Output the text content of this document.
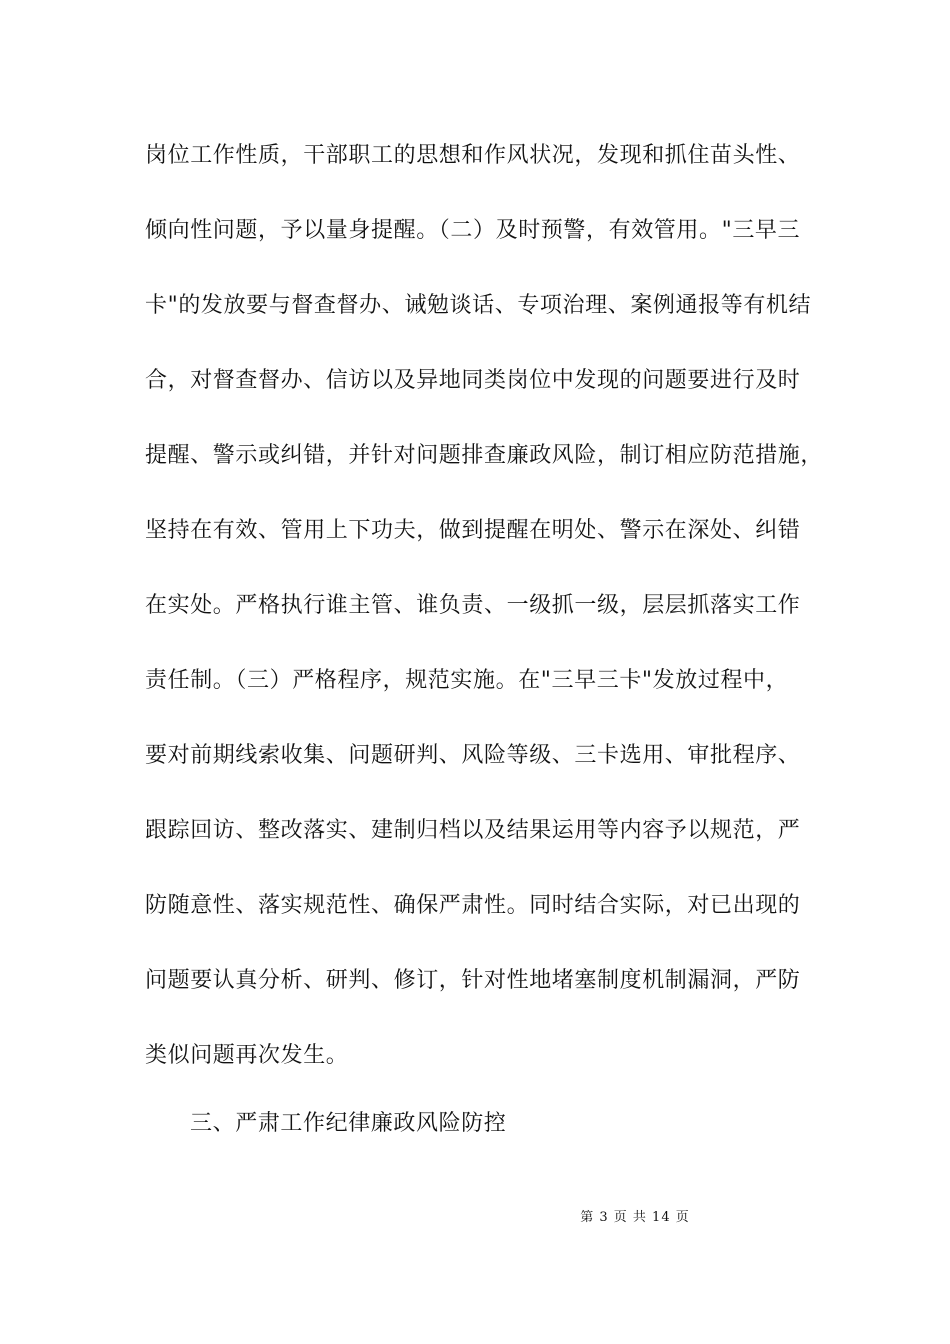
岗位工作性质，干部职工的思想和作风状况，发现和抓住苗头性、
倾向性问题，予以量身提醒。（二）及时预警，有效管用。"三早三
卡"的发放要与督查督办、诫勉谈话、专项治理、案例通报等有机结
合，对督查督办、信访以及异地同类岗位中发现的问题要进行及时
提醒、警示或纠错，并针对问题排查廉政风险，制订相应防范措施，
坚持在有效、管用上下功夫，做到提醒在明处、警示在深处、纠错
在实处。严格执行谁主管、谁负责、一级抓一级，层层抓落实工作
责任制。（三）严格程序，规范实施。在"三早三卡"发放过程中，
要对前期线索收集、问题研判、风险等级、三卡选用、审批程序、
跟踪回访、整改落实、建制归档以及结果运用等内容予以规范，严
防随意性、落实规范性、确保严肃性。同时结合实际，对已出现的
问题要认真分析、研判、修订，针对性地堵塞制度机制漏洞，严防
类似问题再次发生。
三、严肃工作纪律廉政风险防控
第 3 页 共 14 页
